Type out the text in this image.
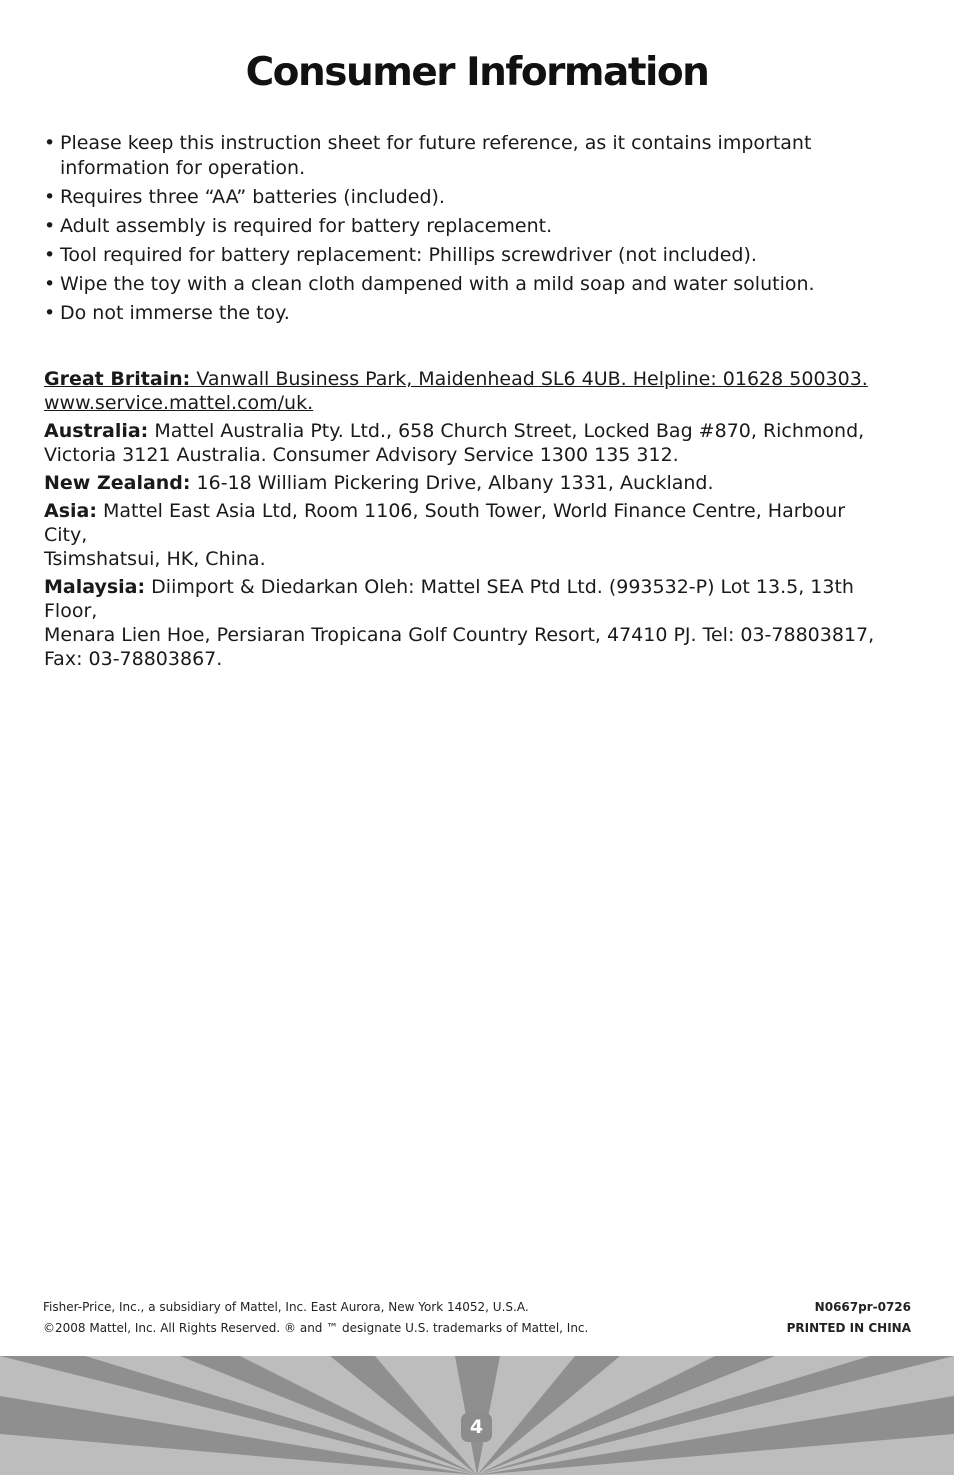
Consumer Information
• Please keep this instruction sheet for future reference, as it contains important information for operation.
• Requires three “AA” batteries (included).
• Adult assembly is required for battery replacement.
• Tool required for battery replacement: Phillips screwdriver (not included).
• Wipe the toy with a clean cloth dampened with a mild soap and water solution.
• Do not immerse the toy.
Great Britain: Vanwall Business Park, Maidenhead SL6 4UB. Helpline: 01628 500303.
www.service.mattel.com/uk.
Australia: Mattel Australia Pty. Ltd., 658 Church Street, Locked Bag #870, Richmond,
Victoria 3121 Australia. Consumer Advisory Service 1300 135 312.
New Zealand: 16-18 William Pickering Drive, Albany 1331, Auckland.
Asia: Mattel East Asia Ltd, Room 1106, South Tower, World Finance Centre, Harbour City,
Tsimshatsui, HK, China.
Malaysia: Diimport & Diedarkan Oleh: Mattel SEA Ptd Ltd. (993532-P) Lot 13.5, 13th Floor,
Menara Lien Hoe, Persiaran Tropicana Golf Country Resort, 47410 PJ. Tel: 03-78803817,
Fax: 03-78803867.
Fisher-Price, Inc., a subsidiary of Mattel, Inc. East Aurora, New York 14052, U.S.A.	N0667pr-0726
©2008 Mattel, Inc. All Rights Reserved. ® and ™ designate U.S. trademarks of Mattel, Inc.	PRINTED IN CHINA
4
